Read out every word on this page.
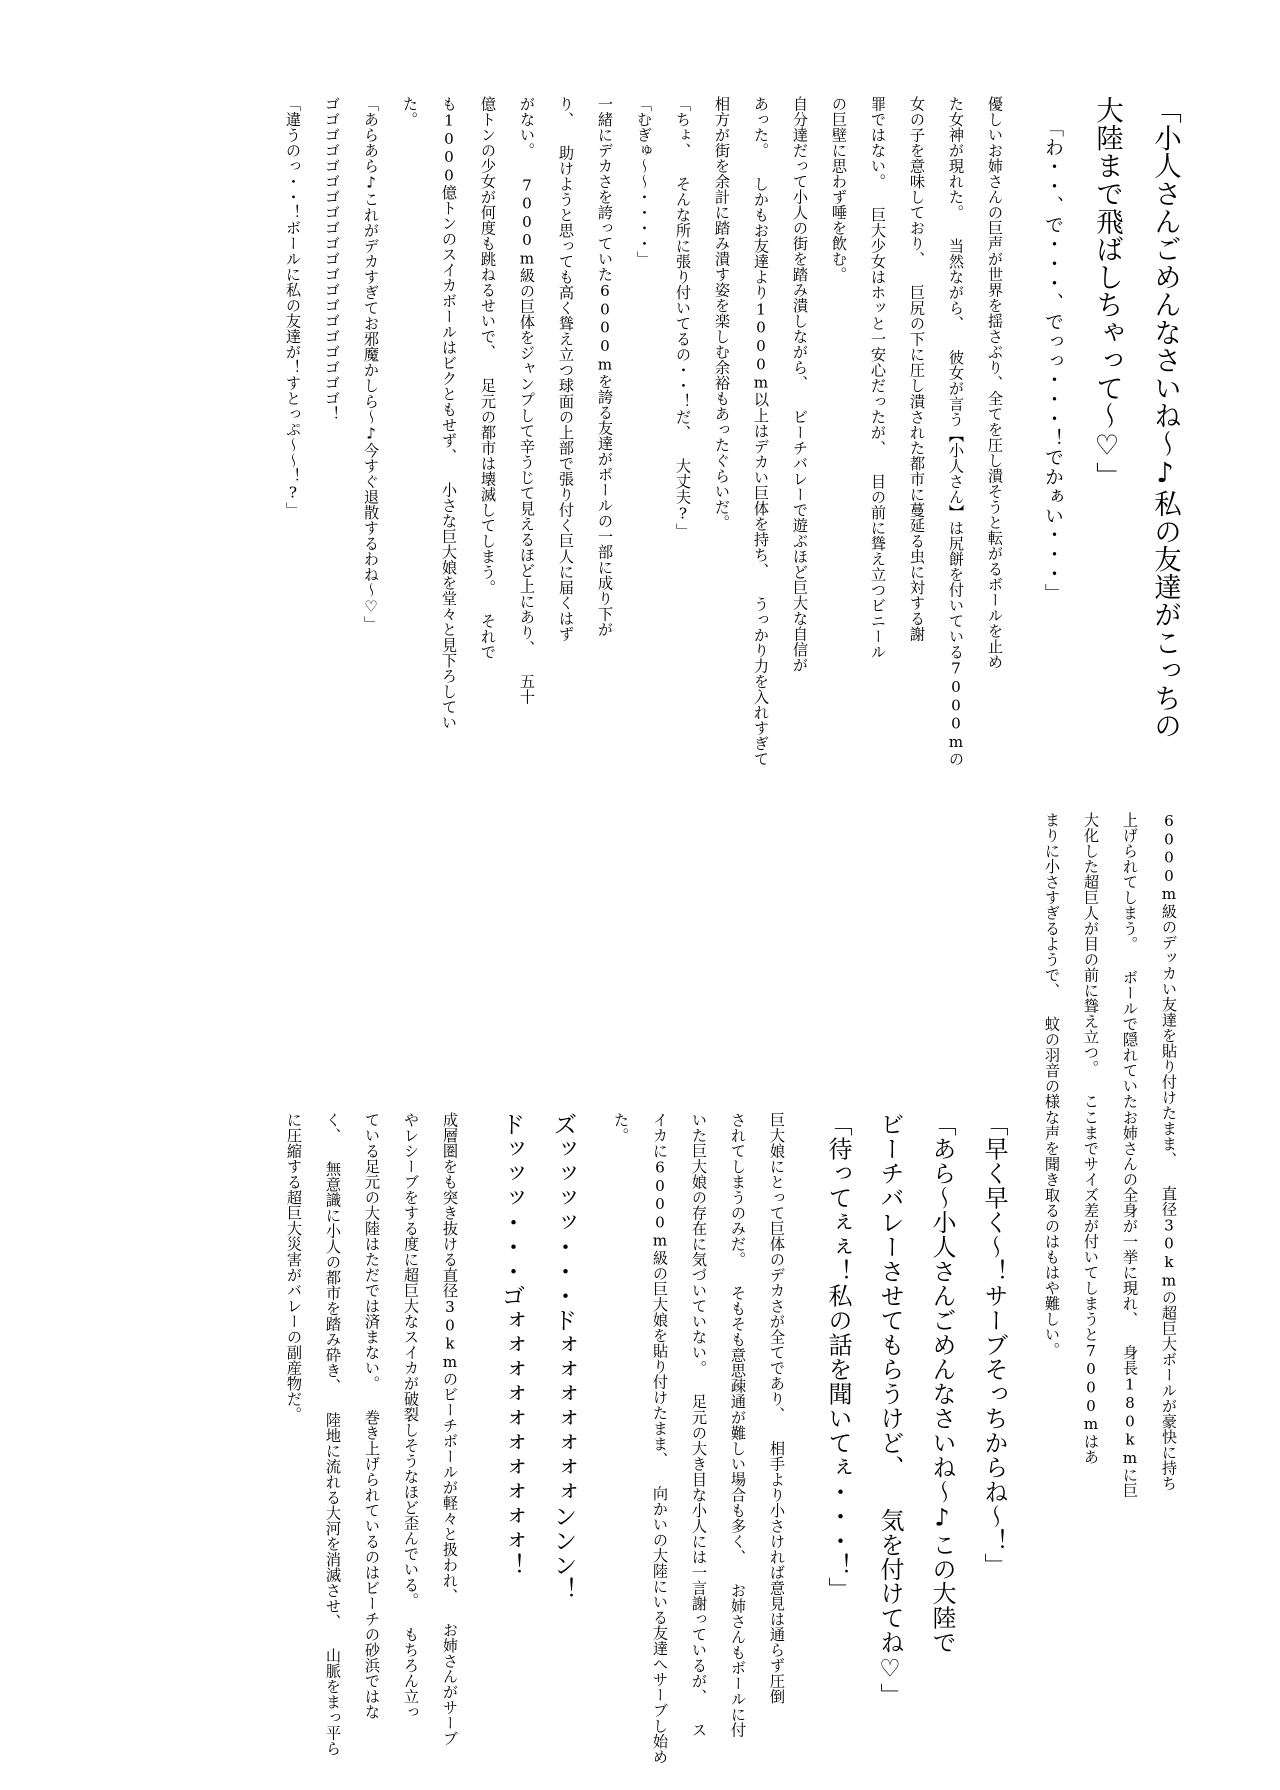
「小人さんごめんなさいね〜♪私の友達がこっちの
大陸まで飛ばしちゃって〜♡」
「わ・・、で・・・、でっっ・・・！でかぁい・・・」
優しいお姉さんの巨声が世界を揺さぶり、全てを圧し潰そうと転がるボールを止め
た女神が現れた。 当然ながら、 彼女が言う【小人さん】は尻餅を付いている7000mの
女の子を意味しており、 巨尻の下に圧し潰された都市に蔓延る虫に対する謝
罪ではない。 巨大少女はホッと一安心だったが、 目の前に聳え立つビニール
の巨壁に思わず唾を飲む。
自分達だって小人の街を踏み潰しながら、 ビーチバレーで遊ぶほど巨大な自信が
あった。 しかもお友達より1000m以上はデカい巨体を持ち、 うっかり力を入れすぎて
相方が街を余計に踏み潰す姿を楽しむ余裕もあったぐらいだ。
「ちょ、 そんな所に張り付いてるの・・！だ、 大丈夫?」
「むぎゅ〜〜・・・・」
一緒にデカさを誇っていた6000mを誇る友達がボールの一部に成り下が
り、 助けようと思っても高く聳え立つ球面の上部で張り付く巨人に届くはず
がない。 7000m級の巨体をジャンプして辛うじて見えるほど上にあり、 五十
億トンの少女が何度も跳ねるせいで、 足元の都市は壊滅してしまう。 それで
も1000億トンのスイカボールはビクともせず、 小さな巨大娘を堂々と見下ろしてい
た。
「あらあら♪これがデカすぎてお邪魔かしら〜♪今すぐ退散するわね〜♡」
ゴゴゴゴゴゴゴゴゴゴゴゴゴゴゴゴゴゴゴゴ！
「違うのっ・・！ボールに私の友達が！すとっぷ〜〜！?」
6000m級のデッカい友達を貼り付けたまま、 直径30kmの超巨大ボールが豪快に持ち
上げられてしまう。 ボールで隠れていたお姉さんの全身が一挙に現れ、 身長180kmに巨
大化した超巨人が目の前に聳え立つ。 ここまでサイズ差が付いてしまうと7000mはあ
まりに小さすぎるようで、 蚊の羽音の様な声を聞き取るのはもはや難しい。
「早く早く〜！サーブそっちからね〜！」
「あら〜小人さんごめんなさいね〜♪この大陸で
ビーチバレーさせてもらうけど、 気を付けてね♡」
「待ってぇぇ！私の話を聞いてぇ・・・！」
巨大娘にとって巨体のデカさが全てであり、 相手より小さければ意見は通らず圧倒
されてしまうのみだ。 そもそも意思疎通が難しい場合も多く、 お姉さんもボールに付
いた巨大娘の存在に気づいていない。 足元の大き目な小人には一言謝っているが、 ス
イカに6000m級の巨大娘を貼り付けたまま、 向かいの大陸にいる友達へサーブし始め
た。
ズッッッッ・・・ドォォォォォォォンンン！
ドッッッ・・・ゴォォォォォォォォォォ！
成層圏をも突き抜ける直径30kmのビーチボールが軽々と扱われ、 お姉さんがサーブ
やレシーブをする度に超巨大なスイカが破裂しそうなほど歪んでいる。 もちろん立っ
ている足元の大陸はただでは済まない。 巻き上げられているのはビーチの砂浜ではな
く、 無意識に小人の都市を踏み砕き、 陸地に流れる大河を消滅させ、 山脈をまっ平ら
に圧縮する超巨大災害がバレーの副産物だ。
